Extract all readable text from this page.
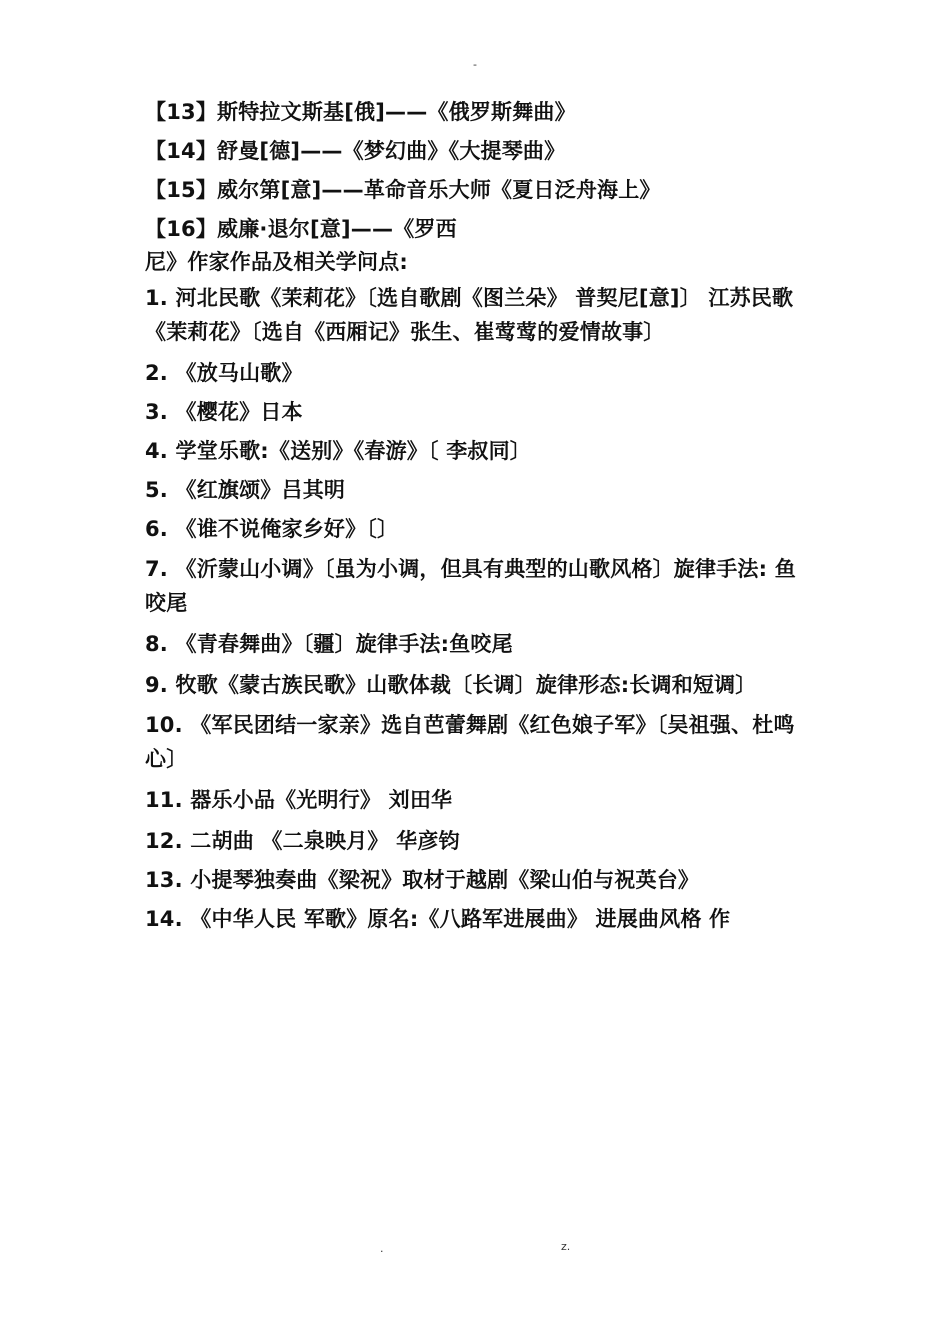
-
【13】斯特拉文斯基[俄]——《俄罗斯舞曲》
【14】舒曼[德]——《梦幻曲》《大提琴曲》
【15】威尔第[意]——革命音乐大师《夏日泛舟海上》
【16】威廉·退尔[意]——《罗西
尼》作家作品及相关学问点:
1. 河北民歌《茉莉花》〔选自歌剧《图兰朵》 普契尼[意]〕 江苏民歌《茉莉花》〔选自《西厢记》张生、崔莺莺的爱情故事〕
2. 《放马山歌》
3. 《樱花》日本
4. 学堂乐歌:《送别》《春游》〔 李叔同〕
5. 《红旗颂》吕其明
6. 《谁不说俺家乡好》〔〕
7. 《沂蒙山小调》〔虽为小调，但具有典型的山歌风格〕旋律手法: 鱼咬尾
8. 《青春舞曲》〔疆〕旋律手法:鱼咬尾
9. 牧歌《蒙古族民歌》山歌体裁〔长调〕旋律形态:长调和短调〕
10. 《军民团结一家亲》选自芭蕾舞剧《红色娘子军》〔吴祖强、杜鸣心〕
11. 器乐小品《光明行》 刘田华
12. 二胡曲 《二泉映月》 华彦钧
13. 小提琴独奏曲《梁祝》取材于越剧《梁山伯与祝英台》
14. 《中华人民 军歌》原名:《八路军进展曲》 进展曲风格 作
.	z.
